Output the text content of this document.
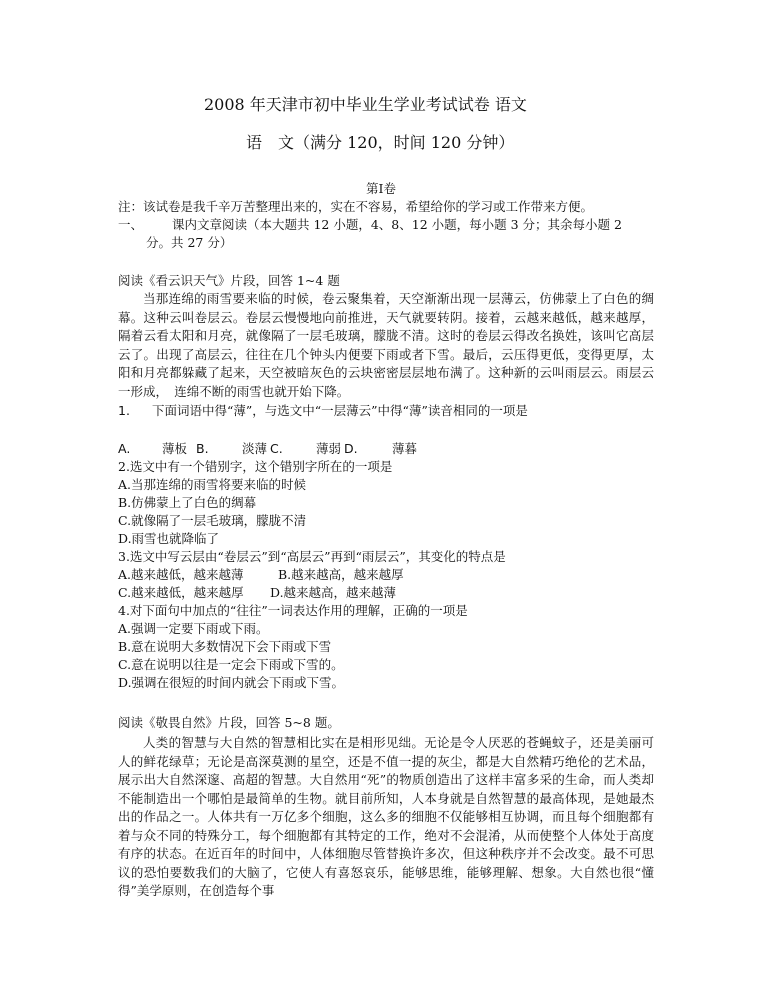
2008 年天津市初中毕业生学业考试试卷 语文
语　文（满分 120，时间 120 分钟）
第Ⅰ卷
注：该试卷是我千辛万苦整理出来的，实在不容易，希望给你的学习或工作带来方便。
一、 课内文章阅读（本大题共 12 小题，4、8、12 小题，每小题 3 分；其余每小题 2
分。共 27 分）
阅读《看云识天气》片段，回答 1~4 题
当那连绵的雨雪要来临的时候，卷云聚集着，天空渐渐出现一层薄云，仿佛蒙上了白色的绸幕。这种云叫卷层云。卷层云慢慢地向前推进，天气就要转阴。接着，云越来越低，越来越厚，隔着云看太阳和月亮，就像隔了一层毛玻璃，朦胧不清。这时的卷层云得改名换姓，该叫它高层云了。出现了高层云，往往在几个钟头内便要下雨或者下雪。最后，云压得更低，变得更厚，太阳和月亮都躲藏了起来，天空被暗灰色的云块密密层层地布满了。这种新的云叫雨层云。雨层云一形成，　连绵不断的雨雪也就开始下降。
1. 下面词语中得“薄”，与选文中“一层薄云”中得“薄”读音相同的一项是
A.	薄板 B.	淡薄 C.	薄弱 D.	薄暮
2.选文中有一个错别字，这个错别字所在的一项是
A.当那连绵的雨雪将要来临的时候
B.仿佛蒙上了白色的绸幕
C.就像隔了一层毛玻璃，朦胧不清
D.雨雪也就降临了
3.选文中写云层由“卷层云”到“高层云”再到“雨层云”，其变化的特点是
A.越来越低，越来越薄	B.越来越高，越来越厚
C.越来越低，越来越厚 D.越来越高，越来越薄
4.对下面句中加点的“往往”一词表达作用的理解，正确的一项是
A.强调一定要下雨或下雨。
B.意在说明大多数情况下会下雨或下雪
C.意在说明以往是一定会下雨或下雪的。
D.强调在很短的时间内就会下雨或下雪。
阅读《敬畏自然》片段，回答 5~8 题。
人类的智慧与大自然的智慧相比实在是相形见绌。无论是令人厌恶的苍蝇蚊子，还是美丽可人的鲜花绿草；无论是高深莫测的星空，还是不值一提的灰尘，都是大自然精巧绝伦的艺术品，展示出大自然深邃、高超的智慧。大自然用“死”的物质创造出了这样丰富多采的生命，而人类却不能制造出一个哪怕是最简单的生物。就目前所知，人本身就是自然智慧的最高体现，是她最杰出的作品之一。人体共有一万亿多个细胞，这么多的细胞不仅能够相互协调，而且每个细胞都有着与众不同的特殊分工，每个细胞都有其特定的工作，绝对不会混淆，从而使整个人体处于高度有序的状态。在近百年的时间中，人体细胞尽管替换许多次，但这种秩序并不会改变。最不可思议的恐怕要数我们的大脑了，它使人有喜怒哀乐，能够思维，能够理解、想象。大自然也很“懂得”美学原则，在创造每个事
